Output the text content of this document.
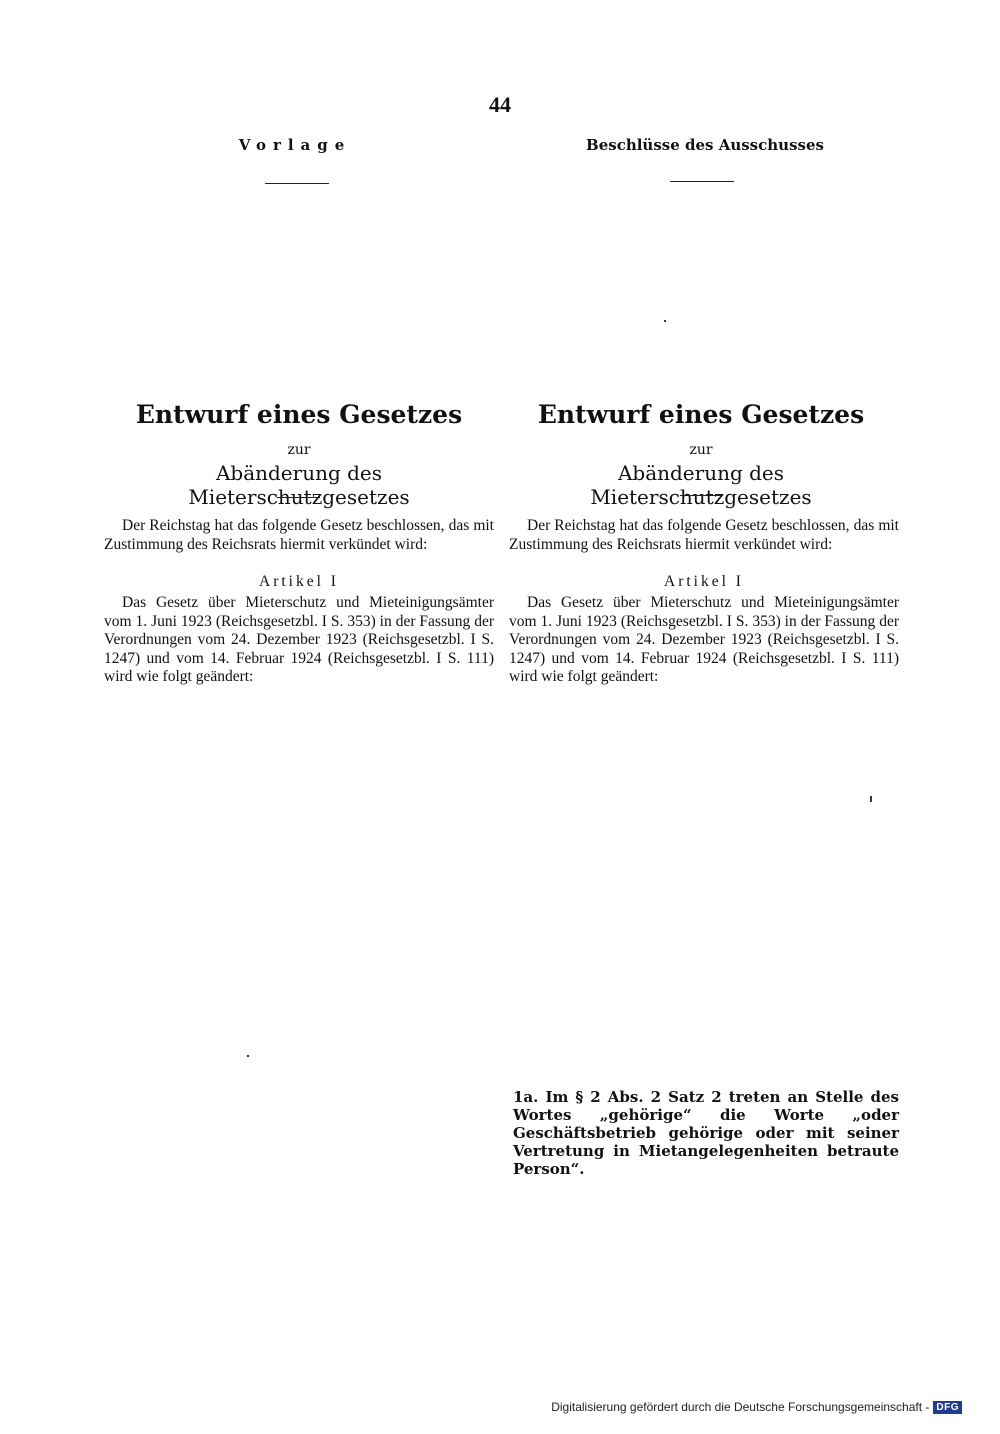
44
Vorlage	Beschlüsse des Ausschusses
Entwurf eines Gesetzes
zur
Abänderung des Mieterschutzgesetzes
Der Reichstag hat das folgende Gesetz beschlossen, das mit Zustimmung des Reichsrats hiermit verkündet wird:
Artikel I
Das Gesetz über Mieterschutz und Mieteinigungsämter vom 1. Juni 1923 (Reichsgesetzbl. I S. 353) in der Fassung der Verordnungen vom 24. Dezember 1923 (Reichsgesetzbl. I S. 1247) und vom 14. Februar 1924 (Reichsgesetzbl. I S. 111) wird wie folgt geändert:
Entwurf eines Gesetzes
zur
Abänderung des Mieterschutzgesetzes
Der Reichstag hat das folgende Gesetz beschlossen, das mit Zustimmung des Reichsrats hiermit verkündet wird:
Artikel I
Das Gesetz über Mieterschutz und Mieteinigungsämter vom 1. Juni 1923 (Reichsgesetzbl. I S. 353) in der Fassung der Verordnungen vom 24. Dezember 1923 (Reichsgesetzbl. I S. 1247) und vom 14. Februar 1924 (Reichsgesetzbl. I S. 111) wird wie folgt geändert:
1a. Im § 2 Abs. 2 Satz 2 treten an Stelle des Wortes „gehörige“ die Worte „oder Geschäftsbetrieb gehörige oder mit seiner Vertretung in Mietangelegenheiten betraute Person“.
Digitalisierung gefördert durch die Deutsche Forschungsgemeinschaft - DFG
